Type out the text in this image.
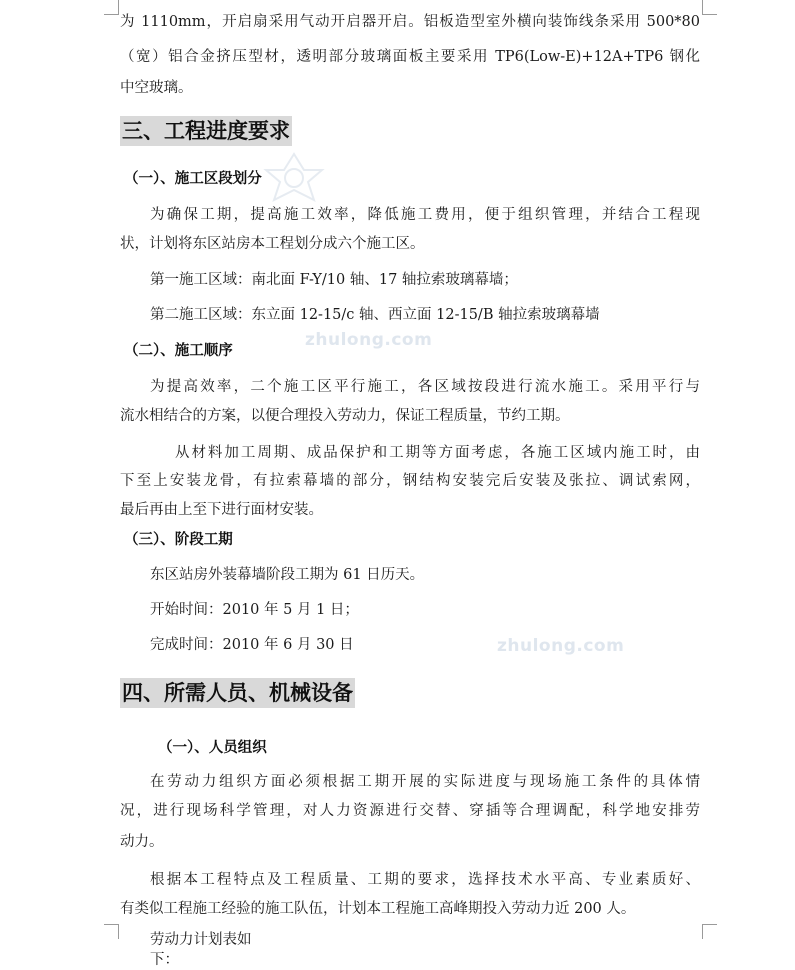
zhulong.com
zhulong.com

为 1110mm，开启扇采用气动开启器开启。铝板造型室外横向装饰线条采用 500*80

（宽）铝合金挤压型材，透明部分玻璃面板主要采用 TP6(Low-E)+12A+TP6 钢化

中空玻璃。

三、工程进度要求
（一）、施工区段划分

为确保工期，提高施工效率，降低施工费用，便于组织管理，并结合工程现

状，计划将东区站房本工程划分成六个施工区。

第一施工区域：南北面 F-Y/10 轴、17 轴拉索玻璃幕墙；

第二施工区域：东立面 12-15/c 轴、西立面 12-15/B 轴拉索玻璃幕墙

（二）、施工顺序

为提高效率，二个施工区平行施工，各区域按段进行流水施工。采用平行与

流水相结合的方案，以便合理投入劳动力，保证工程质量，节约工期。

从材料加工周期、成品保护和工期等方面考虑，各施工区域内施工时，由

下至上安装龙骨，有拉索幕墙的部分，钢结构安装完后安装及张拉、调试索网，

最后再由上至下进行面材安装。

（三）、阶段工期

东区站房外装幕墙阶段工期为 61 日历天。

开始时间：2010 年 5 月 1 日；

完成时间：2010 年 6 月 30 日

四、所需人员、机械设备
（一）、人员组织

在劳动力组织方面必须根据工期开展的实际进度与现场施工条件的具体情

况，进行现场科学管理，对人力资源进行交替、穿插等合理调配，科学地安排劳

动力。

根据本工程特点及工程质量、工期的要求，选择技术水平高、专业素质好、

有类似工程施工经验的施工队伍，计划本工程施工高峰期投入劳动力近 200 人。

劳动力计划表如下：
